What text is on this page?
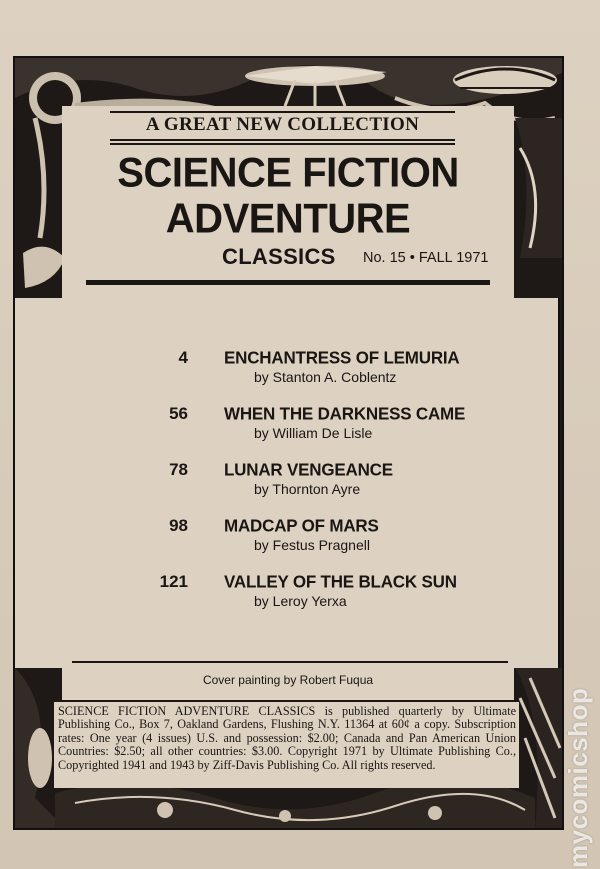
A GREAT NEW COLLECTION
SCIENCE FICTION
ADVENTURE
CLASSICS No. 15 • FALL 1971
4 ENCHANTRESS OF LEMURIA
by Stanton A. Coblentz
56 WHEN THE DARKNESS CAME
by William De Lisle
78 LUNAR VENGEANCE
by Thornton Ayre
98 MADCAP OF MARS
by Festus Pragnell
121 VALLEY OF THE BLACK SUN
by Leroy Yerxa
Cover painting by Robert Fuqua
SCIENCE FICTION ADVENTURE CLASSICS is published quarterly by Ultimate Publishing Co., Box 7, Oakland Gardens, Flushing N.Y. 11364 at 60¢ a copy. Subscription rates: One year (4 issues) U.S. and possession: $2.00; Canada and Pan American Union Countries: $2.50; all other countries: $3.00. Copyright 1971 by Ultimate Publishing Co., Copyrighted 1941 and 1943 by Ziff-Davis Publishing Co. All rights reserved.	mycomicshop
